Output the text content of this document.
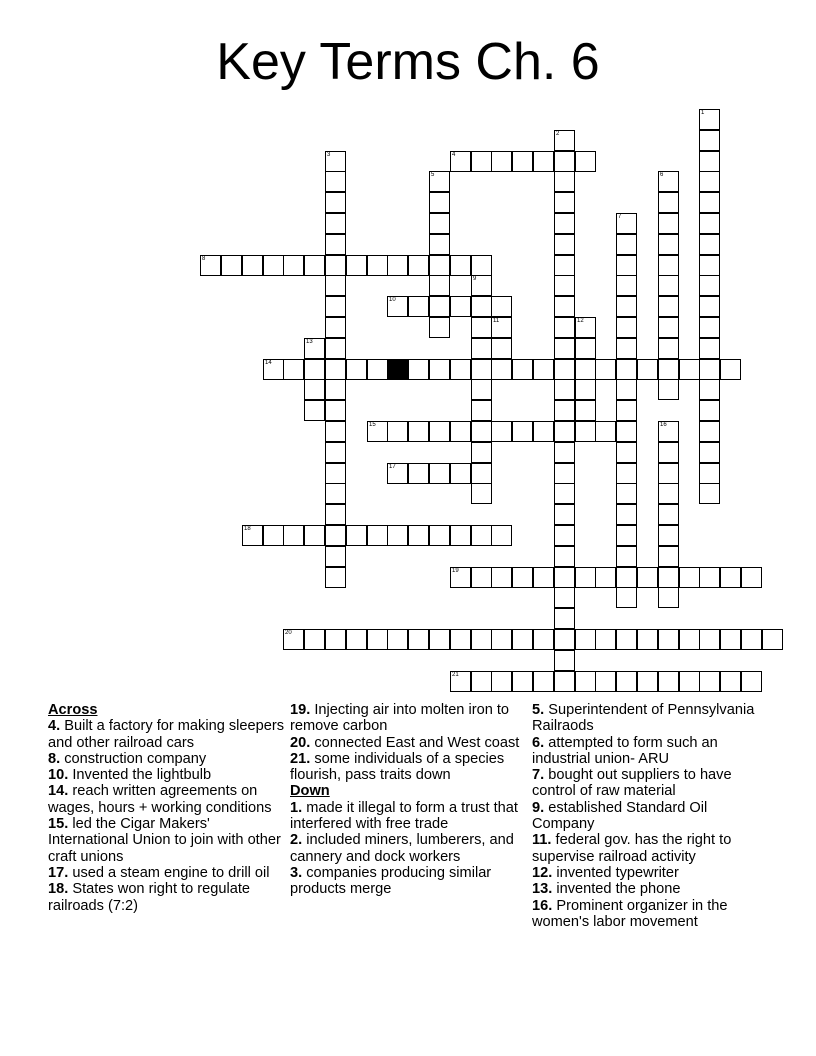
Key Terms Ch. 6
1
2
3	4
5	6
7
8
9
10
11	12
13
14
15	16
17
18
19
20
21
Across
4. Built a factory for making sleepers and other railroad cars
8. construction company
10. Invented the lightbulb
14. reach written agreements on wages, hours + working conditions
15. led the Cigar Makers' International Union to join with other craft unions
17. used a steam engine to drill oil
18. States won right to regulate railroads (7:2)
19. Injecting air into molten iron to remove carbon
20. connected East and West coast
21. some individuals of a species flourish, pass traits down
Down
1. made it illegal to form a trust that interfered with free trade
2. included miners, lumberers, and cannery and dock workers
3. companies producing similar products merge
5. Superintendent of Pennsylvania Railraods
6. attempted to form such an industrial union- ARU
7. bought out suppliers to have control of raw material
9. established Standard Oil Company
11. federal gov. has the right to supervise railroad activity
12. invented typewriter
13. invented the phone
16. Prominent organizer in the women's labor movement
